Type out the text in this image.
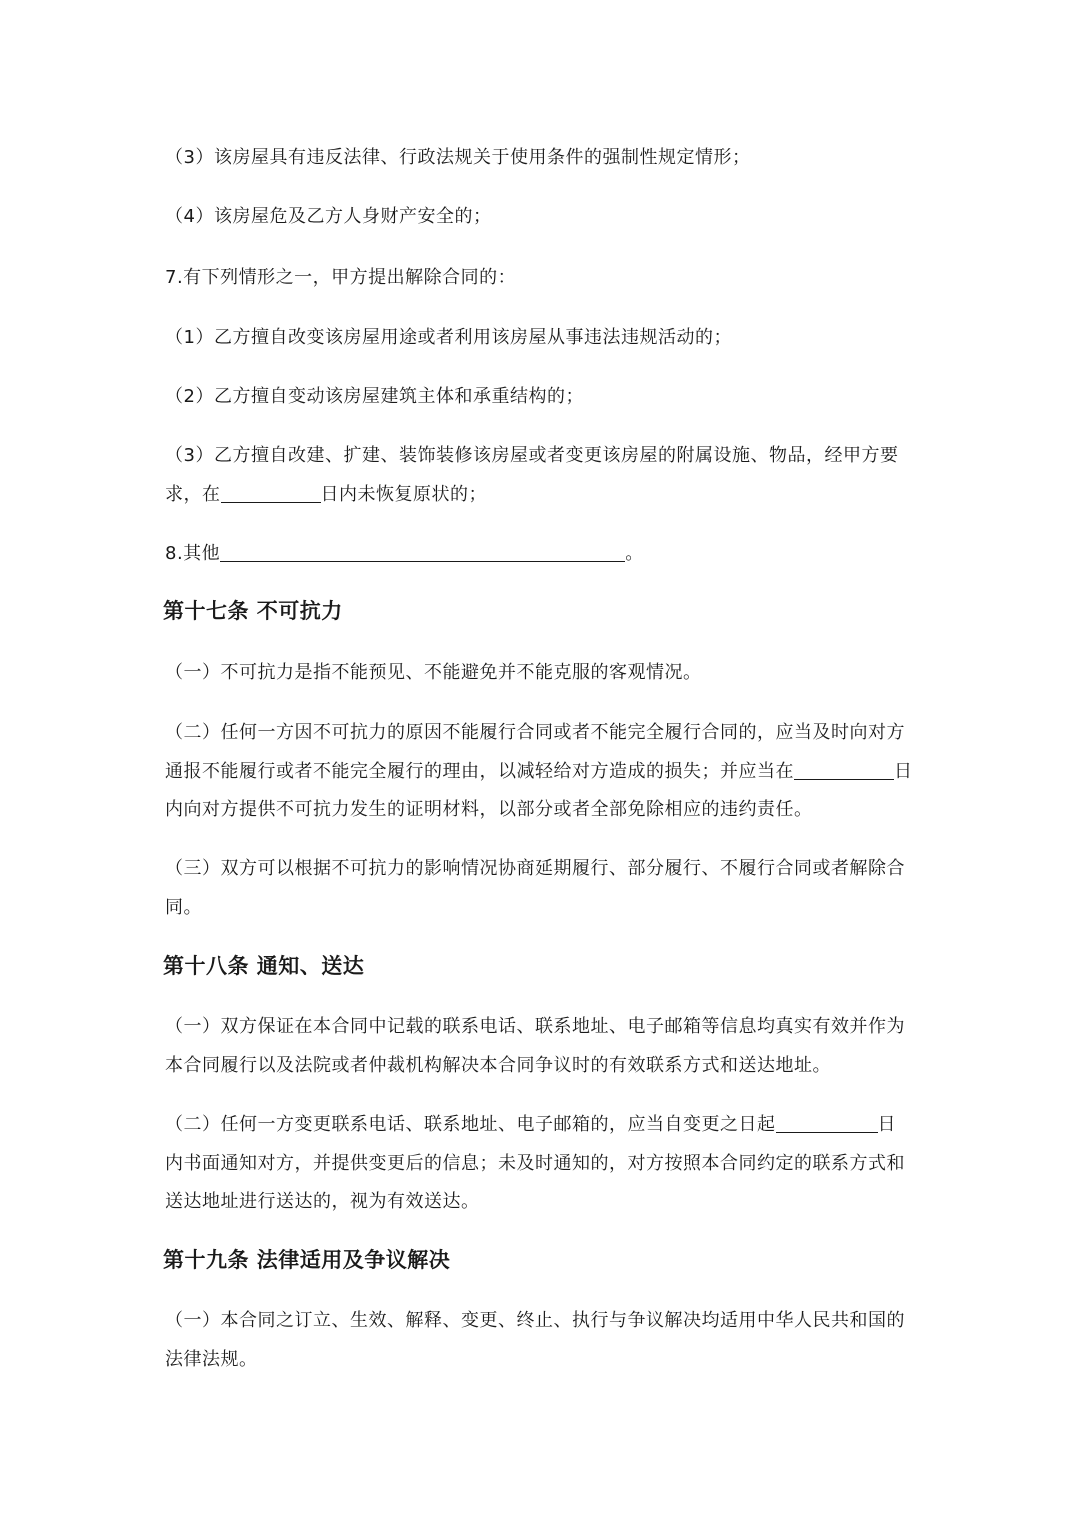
（3）该房屋具有违反法律、行政法规关于使用条件的强制性规定情形；
（4）该房屋危及乙方人身财产安全的；
7.有下列情形之一，甲方提出解除合同的：
（1）乙方擅自改变该房屋用途或者利用该房屋从事违法违规活动的；
（2）乙方擅自变动该房屋建筑主体和承重结构的；
（3）乙方擅自改建、扩建、装饰装修该房屋或者变更该房屋的附属设施、物品，经甲方要
求，在	日内未恢复原状的；
8.其他	。
第十七条 不可抗力
（一）不可抗力是指不能预见、不能避免并不能克服的客观情况。
（二）任何一方因不可抗力的原因不能履行合同或者不能完全履行合同的，应当及时向对方
通报不能履行或者不能完全履行的理由，以减轻给对方造成的损失；并应当在	日
内向对方提供不可抗力发生的证明材料，以部分或者全部免除相应的违约责任。
（三）双方可以根据不可抗力的影响情况协商延期履行、部分履行、不履行合同或者解除合
同。
第十八条 通知、送达
（一）双方保证在本合同中记载的联系电话、联系地址、电子邮箱等信息均真实有效并作为
本合同履行以及法院或者仲裁机构解决本合同争议时的有效联系方式和送达地址。
（二）任何一方变更联系电话、联系地址、电子邮箱的，应当自变更之日起	日
内书面通知对方，并提供变更后的信息；未及时通知的，对方按照本合同约定的联系方式和
送达地址进行送达的，视为有效送达。
第十九条 法律适用及争议解决
（一）本合同之订立、生效、解释、变更、终止、执行与争议解决均适用中华人民共和国的
法律法规。
